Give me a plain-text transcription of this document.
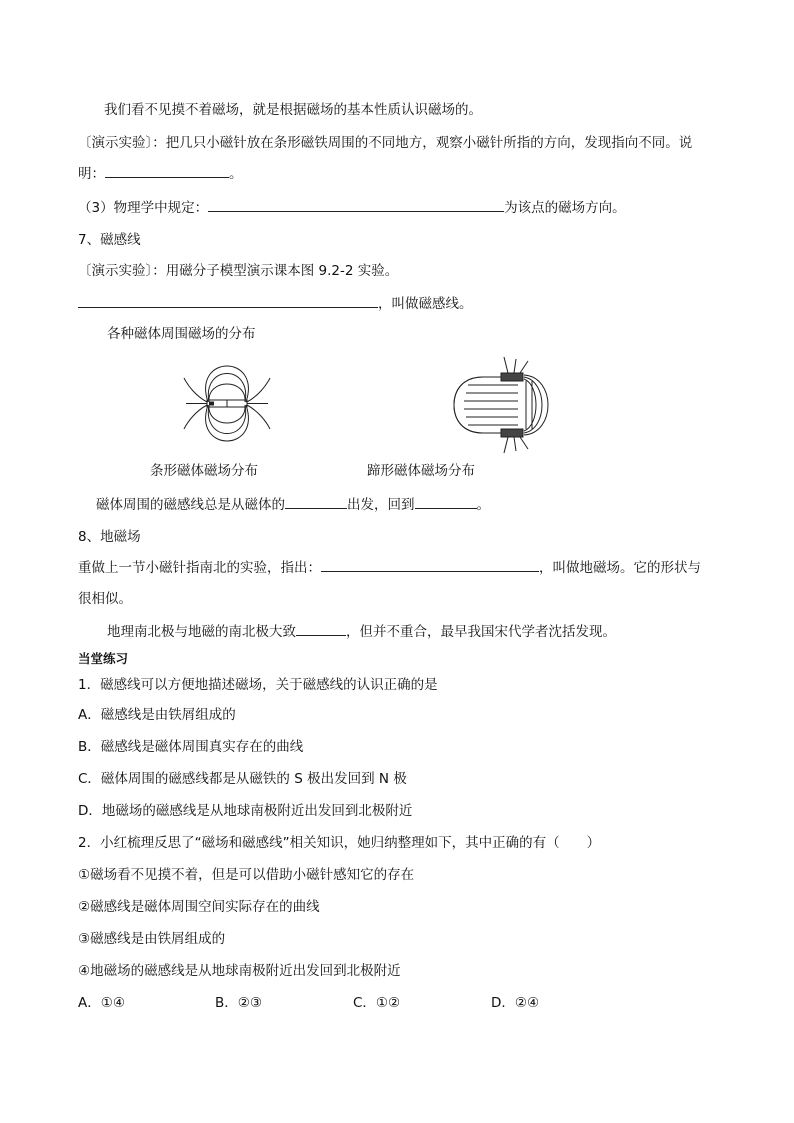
我们看不见摸不着磁场，就是根据磁场的基本性质认识磁场的。
〔演示实验〕：把几只小磁针放在条形磁铁周围的不同地方，观察小磁针所指的方向，发现指向不同。说
明：	。
（3）物理学中规定：	为该点的磁场方向。
7、磁感线
〔演示实验〕：用磁分子模型演示课本图 9.2-2 实验。
，叫做磁感线。
各种磁体周围磁场的分布
条形磁体磁场分布	蹄形磁体磁场分布
磁体周围的磁感线总是从磁体的	出发，回到	。
8、地磁场
重做上一节小磁针指南北的实验，指出：	，叫做地磁场。它的形状与
很相似。
地理南北极与地磁的南北极大致	，但并不重合，最早我国宋代学者沈括发现。
当堂练习
1．磁感线可以方便地描述磁场，关于磁感线的认识正确的是
A．磁感线是由铁屑组成的
B．磁感线是磁体周围真实存在的曲线
C．磁体周围的磁感线都是从磁铁的 S 极出发回到 N 极
D．地磁场的磁感线是从地球南极附近出发回到北极附近
2．小红梳理反思了“磁场和磁感线”相关知识，她归纳整理如下，其中正确的有（　　）
①磁场看不见摸不着，但是可以借助小磁针感知它的存在
②磁感线是磁体周围空间实际存在的曲线
③磁感线是由铁屑组成的
④地磁场的磁感线是从地球南极附近出发回到北极附近
A．①④	B．②③	C．①②	D．②④
